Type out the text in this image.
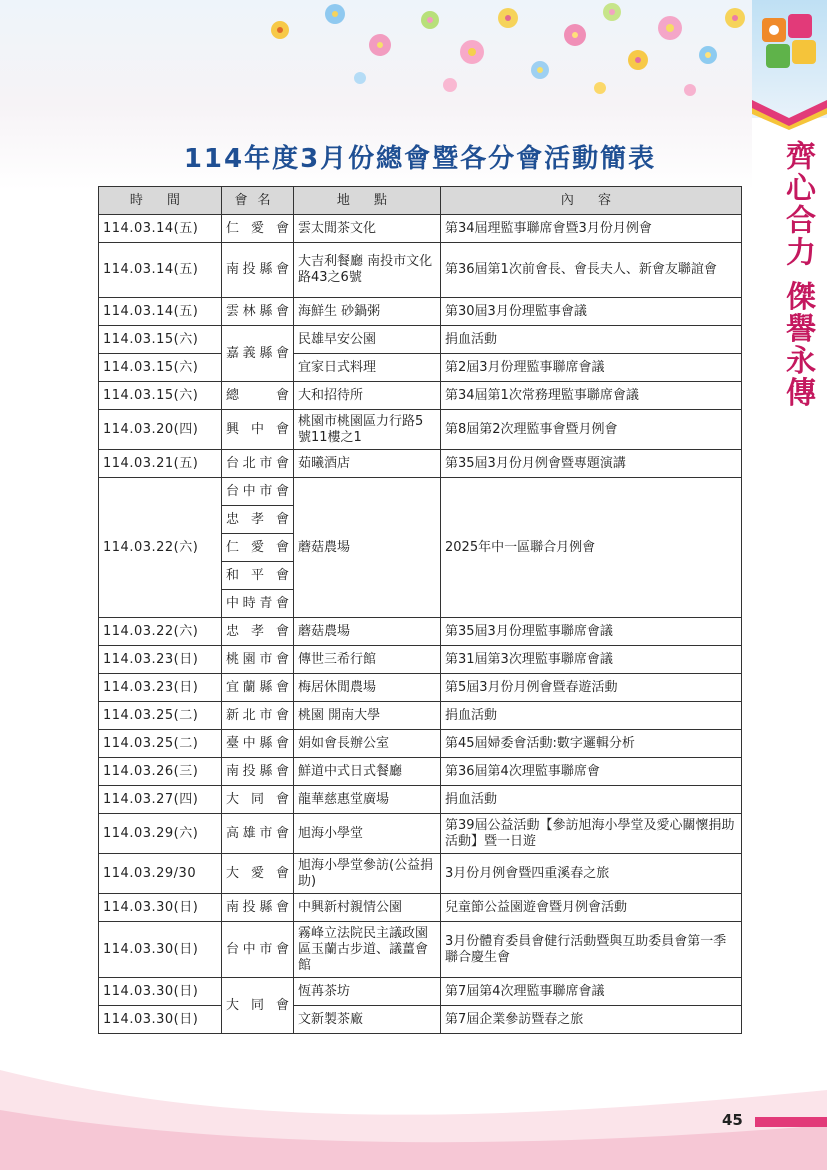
齊心合力 傑譽永傳
114年度3月份總會暨各分會活動簡表
時 間	會名	地 點	內 容
114.03.14(五)	仁 愛 會	雲太閒茶文化	第34屆理監事聯席會暨3月份月例會
114.03.14(五)	南投縣會	大吉利餐廳 南投市文化路43之6號	第36屆第1次前會長、會長夫人、新會友聯誼會
114.03.14(五)	雲林縣會	海鮮生 砂鍋粥	第30屆3月份理監事會議
114.03.15(六)	嘉義縣會	民雄早安公園	捐血活動
114.03.15(六)		宜家日式料理	第2屆3月份理監事聯席會議
114.03.15(六)	總 會	大和招待所	第34屆第1次常務理監事聯席會議
114.03.20(四)	興 中 會	桃園市桃園區力行路5號11樓之1	第8屆第2次理監事會暨月例會
114.03.21(五)	台北市會	茹曦酒店	第35屆3月份月例會暨專題演講
114.03.22(六)	台中市會	蘑菇農場	2025年中一區聯合月例會
	忠 孝 會		
	仁 愛 會		
	和 平 會		
	中時青會		
114.03.22(六)	忠 孝 會	蘑菇農場	第35屆3月份理監事聯席會議
114.03.23(日)	桃園市會	傳世三希行館	第31屆第3次理監事聯席會議
114.03.23(日)	宜蘭縣會	梅居休閒農場	第5屆3月份月例會暨春遊活動
114.03.25(二)	新北市會	桃園 開南大學	捐血活動
114.03.25(二)	臺中縣會	娟如會長辦公室	第45屆婦委會活動:數字邏輯分析
114.03.26(三)	南投縣會	鮮道中式日式餐廳	第36屆第4次理監事聯席會
114.03.27(四)	大 同 會	龍華慈惠堂廣場	捐血活動
114.03.29(六)	高雄市會	旭海小學堂	第39屆公益活動【參訪旭海小學堂及愛心關懷捐助活動】暨一日遊
114.03.29/30	大 愛 會	旭海小學堂參訪(公益捐助)	3月份月例會暨四重溪春之旅
114.03.30(日)	南投縣會	中興新村親情公園	兒童節公益園遊會暨月例會活動
114.03.30(日)	台中市會	霧峰立法院民主議政園區玉蘭古步道、議薑會館	3月份體育委員會健行活動暨與互助委員會第一季聯合慶生會
114.03.30(日)	大 同 會	恆苒茶坊	第7屆第4次理監事聯席會議
114.03.30(日)		文新製茶廠	第7屆企業參訪暨春之旅
45
